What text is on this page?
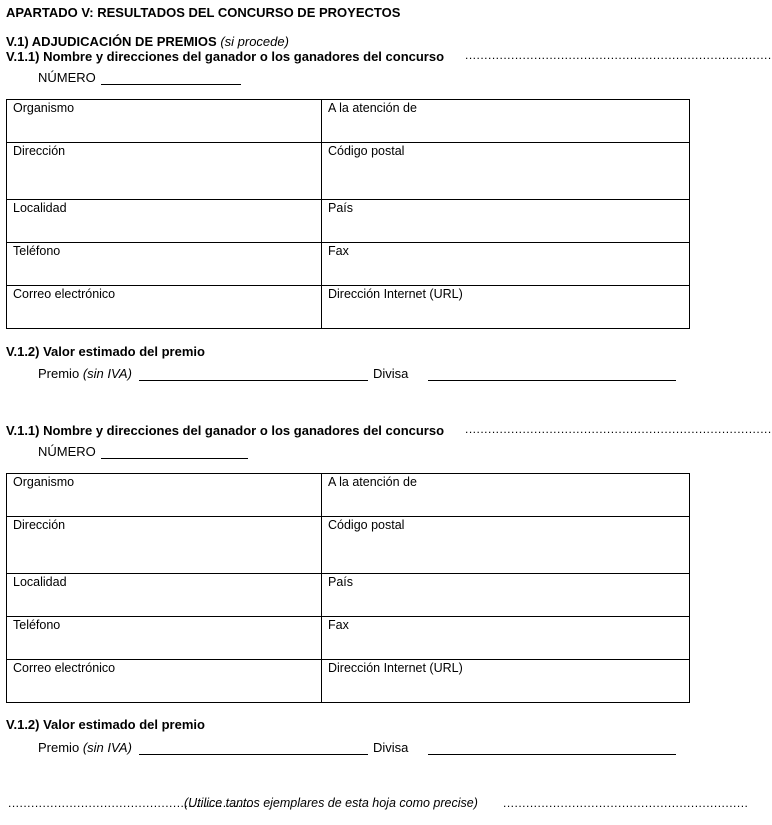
APARTADO V: RESULTADOS DEL CONCURSO DE PROYECTOS
V.1) ADJUDICACIÓN DE PREMIOS (si procede)
V.1.1) Nombre y direcciones del ganador o los ganadores del concurso ................................................................................
NÚMERO
Organismo	A la atención de
Dirección	Código postal
Localidad	País
Teléfono	Fax
Correo electrónico	Dirección Internet (URL)
V.1.2) Valor estimado del premio
Premio (sin IVA)	Divisa
V.1.1) Nombre y direcciones del ganador o los ganadores del concurso ................................................................................
NÚMERO
Organismo	A la atención de
Dirección	Código postal
Localidad	País
Teléfono	Fax
Correo electrónico	Dirección Internet (URL)
V.1.2) Valor estimado del premio
Premio (sin IVA)	Divisa
................................................................
(Utilice tantos ejemplares de esta hoja como precise) ................................................................
